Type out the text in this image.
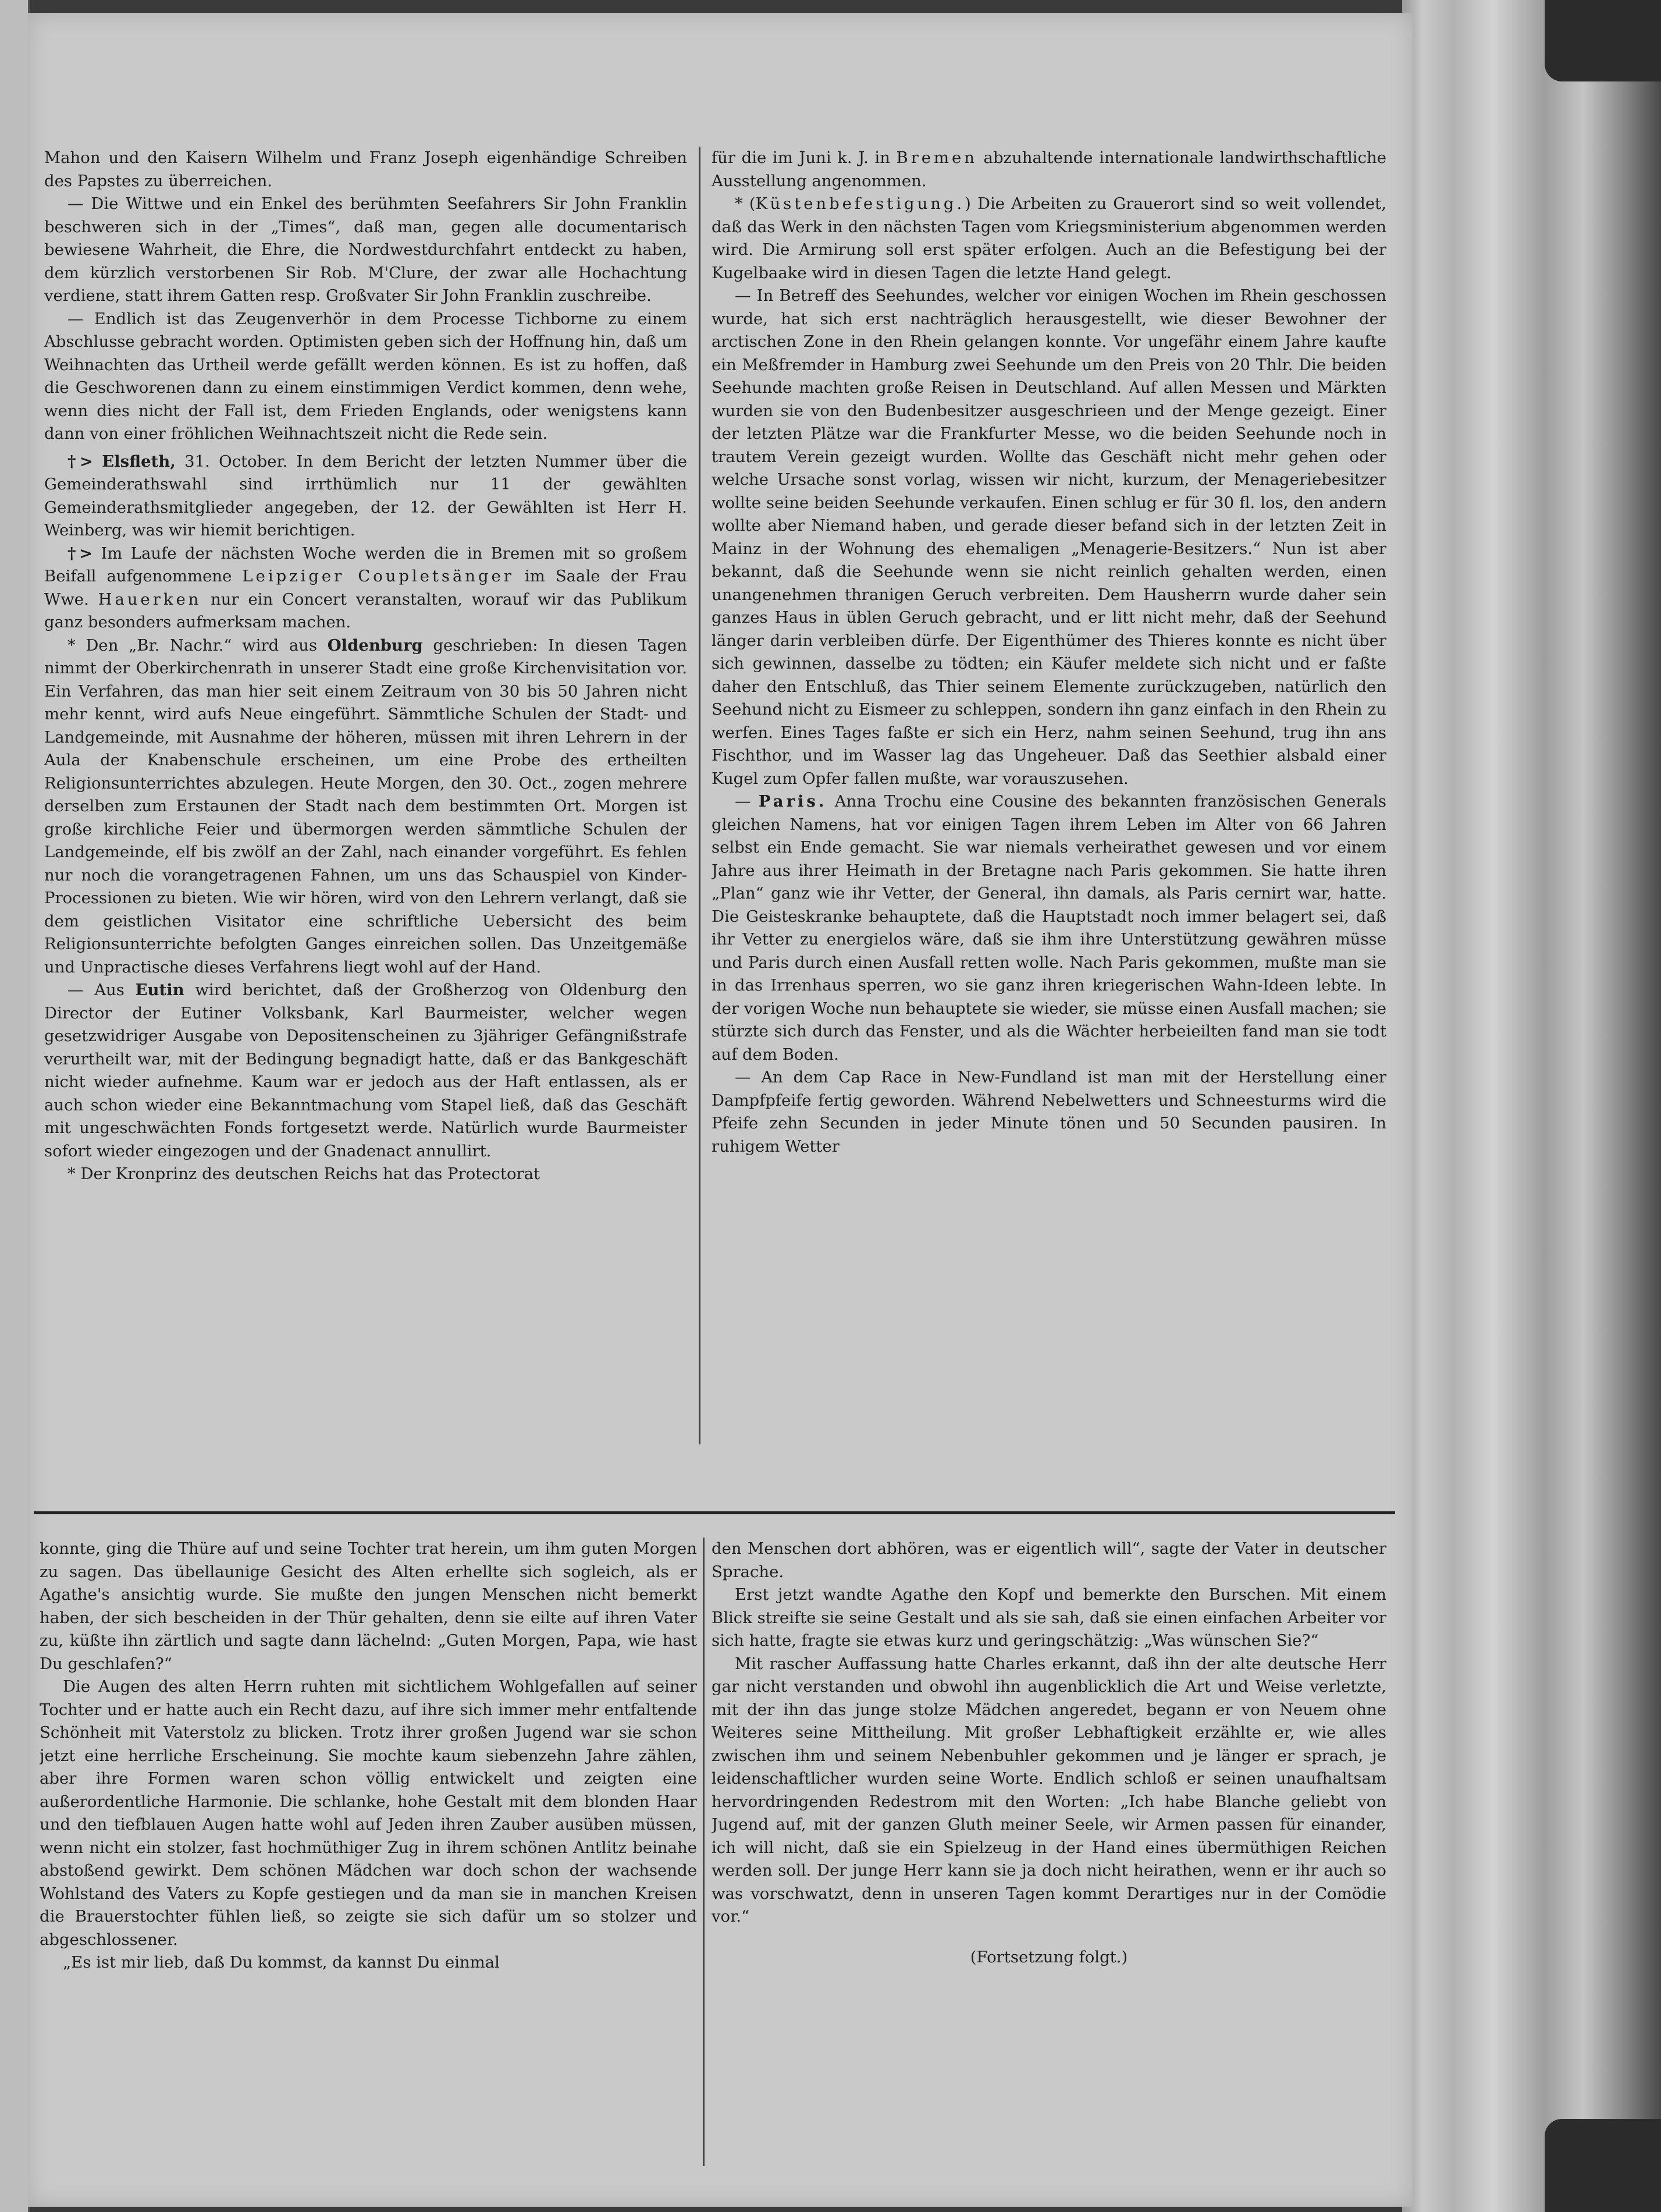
Mahon und den Kaisern Wilhelm und Franz Joseph eigenhändige Schreiben des Papstes zu überreichen.

— Die Wittwe und ein Enkel des berühmten Seefahrers Sir John Franklin beschweren sich in der „Times“, daß man, gegen alle documentarisch bewiesene Wahrheit, die Ehre, die Nordwestdurchfahrt entdeckt zu haben, dem kürzlich verstorbenen Sir Rob. M'Clure, der zwar alle Hochachtung verdiene, statt ihrem Gatten resp. Großvater Sir John Franklin zuschreibe.

— Endlich ist das Zeugenverhör in dem Processe Tichborne zu einem Abschlusse gebracht worden. Optimisten geben sich der Hoffnung hin, daß um Weihnachten das Urtheil werde gefällt werden können. Es ist zu hoffen, daß die Geschworenen dann zu einem einstimmigen Verdict kommen, denn wehe, wenn dies nicht der Fall ist, dem Frieden Englands, oder wenigstens kann dann von einer fröhlichen Weihnachtszeit nicht die Rede sein.

†> Elsfleth, 31. October. In dem Bericht der letzten Nummer über die Gemeinderathswahl sind irrthümlich nur 11 der gewählten Gemeinderathsmitglieder angegeben, der 12. der Gewählten ist Herr H. Weinberg, was wir hiemit berichtigen.

†> Im Laufe der nächsten Woche werden die in Bremen mit so großem Beifall aufgenommene Leipziger Coupletsänger im Saale der Frau Wwe. Hauerken nur ein Concert veranstalten, worauf wir das Publikum ganz besonders aufmerksam machen.

* Den „Br. Nachr.“ wird aus Oldenburg geschrieben: In diesen Tagen nimmt der Oberkirchenrath in unserer Stadt eine große Kirchenvisitation vor. Ein Verfahren, das man hier seit einem Zeitraum von 30 bis 50 Jahren nicht mehr kennt, wird aufs Neue eingeführt. Sämmtliche Schulen der Stadt- und Landgemeinde, mit Ausnahme der höheren, müssen mit ihren Lehrern in der Aula der Knabenschule erscheinen, um eine Probe des ertheilten Religionsunterrichtes abzulegen. Heute Morgen, den 30. Oct., zogen mehrere derselben zum Erstaunen der Stadt nach dem bestimmten Ort. Morgen ist große kirchliche Feier und übermorgen werden sämmtliche Schulen der Landgemeinde, elf bis zwölf an der Zahl, nach einander vorgeführt. Es fehlen nur noch die vorangetragenen Fahnen, um uns das Schauspiel von Kinder-Processionen zu bieten. Wie wir hören, wird von den Lehrern verlangt, daß sie dem geistlichen Visitator eine schriftliche Uebersicht des beim Religionsunterrichte befolgten Ganges einreichen sollen. Das Unzeitgemäße und Unpractische dieses Verfahrens liegt wohl auf der Hand.

— Aus Eutin wird berichtet, daß der Großherzog von Oldenburg den Director der Eutiner Volksbank, Karl Baurmeister, welcher wegen gesetzwidriger Ausgabe von Depositenscheinen zu 3jähriger Gefängnißstrafe verurtheilt war, mit der Bedingung begnadigt hatte, daß er das Bankgeschäft nicht wieder aufnehme. Kaum war er jedoch aus der Haft entlassen, als er auch schon wieder eine Bekanntmachung vom Stapel ließ, daß das Geschäft mit ungeschwächten Fonds fortgesetzt werde. Natürlich wurde Baurmeister sofort wieder eingezogen und der Gnadenact annullirt.

* Der Kronprinz des deutschen Reichs hat das Protectorat

für die im Juni k. J. in Bremen abzuhaltende internationale landwirthschaftliche Ausstellung angenommen.

* (Küstenbefestigung.) Die Arbeiten zu Grauerort sind so weit vollendet, daß das Werk in den nächsten Tagen vom Kriegsministerium abgenommen werden wird. Die Armirung soll erst später erfolgen. Auch an die Befestigung bei der Kugelbaake wird in diesen Tagen die letzte Hand gelegt.

— In Betreff des Seehundes, welcher vor einigen Wochen im Rhein geschossen wurde, hat sich erst nachträglich herausgestellt, wie dieser Bewohner der arctischen Zone in den Rhein gelangen konnte. Vor ungefähr einem Jahre kaufte ein Meßfremder in Hamburg zwei Seehunde um den Preis von 20 Thlr. Die beiden Seehunde machten große Reisen in Deutschland. Auf allen Messen und Märkten wurden sie von den Budenbesitzer ausgeschrieen und der Menge gezeigt. Einer der letzten Plätze war die Frankfurter Messe, wo die beiden Seehunde noch in trautem Verein gezeigt wurden. Wollte das Geschäft nicht mehr gehen oder welche Ursache sonst vorlag, wissen wir nicht, kurzum, der Menageriebesitzer wollte seine beiden Seehunde verkaufen. Einen schlug er für 30 fl. los, den andern wollte aber Niemand haben, und gerade dieser befand sich in der letzten Zeit in Mainz in der Wohnung des ehemaligen „Menagerie-Besitzers.“ Nun ist aber bekannt, daß die Seehunde wenn sie nicht reinlich gehalten werden, einen unangenehmen thranigen Geruch verbreiten. Dem Hausherrn wurde daher sein ganzes Haus in üblen Geruch gebracht, und er litt nicht mehr, daß der Seehund länger darin verbleiben dürfe. Der Eigenthümer des Thieres konnte es nicht über sich gewinnen, dasselbe zu tödten; ein Käufer meldete sich nicht und er faßte daher den Entschluß, das Thier seinem Elemente zurückzugeben, natürlich den Seehund nicht zu Eismeer zu schleppen, sondern ihn ganz einfach in den Rhein zu werfen. Eines Tages faßte er sich ein Herz, nahm seinen Seehund, trug ihn ans Fischthor, und im Wasser lag das Ungeheuer. Daß das Seethier alsbald einer Kugel zum Opfer fallen mußte, war vorauszusehen.

— Paris. Anna Trochu eine Cousine des bekannten französischen Generals gleichen Namens, hat vor einigen Tagen ihrem Leben im Alter von 66 Jahren selbst ein Ende gemacht. Sie war niemals verheirathet gewesen und vor einem Jahre aus ihrer Heimath in der Bretagne nach Paris gekommen. Sie hatte ihren „Plan“ ganz wie ihr Vetter, der General, ihn damals, als Paris cernirt war, hatte. Die Geisteskranke behauptete, daß die Hauptstadt noch immer belagert sei, daß ihr Vetter zu energielos wäre, daß sie ihm ihre Unterstützung gewähren müsse und Paris durch einen Ausfall retten wolle. Nach Paris gekommen, mußte man sie in das Irrenhaus sperren, wo sie ganz ihren kriegerischen Wahn-Ideen lebte. In der vorigen Woche nun behauptete sie wieder, sie müsse einen Ausfall machen; sie stürzte sich durch das Fenster, und als die Wächter herbeieilten fand man sie todt auf dem Boden.

— An dem Cap Race in New-Fundland ist man mit der Herstellung einer Dampfpfeife fertig geworden. Während Nebelwetters und Schneesturms wird die Pfeife zehn Secunden in jeder Minute tönen und 50 Secunden pausiren. In ruhigem Wetter

konnte, ging die Thüre auf und seine Tochter trat herein, um ihm guten Morgen zu sagen. Das übellaunige Gesicht des Alten erhellte sich sogleich, als er Agathe's ansichtig wurde. Sie mußte den jungen Menschen nicht bemerkt haben, der sich bescheiden in der Thür gehalten, denn sie eilte auf ihren Vater zu, küßte ihn zärtlich und sagte dann lächelnd: „Guten Morgen, Papa, wie hast Du geschlafen?“

Die Augen des alten Herrn ruhten mit sichtlichem Wohlgefallen auf seiner Tochter und er hatte auch ein Recht dazu, auf ihre sich immer mehr entfaltende Schönheit mit Vaterstolz zu blicken. Trotz ihrer großen Jugend war sie schon jetzt eine herrliche Erscheinung. Sie mochte kaum siebenzehn Jahre zählen, aber ihre Formen waren schon völlig entwickelt und zeigten eine außerordentliche Harmonie. Die schlanke, hohe Gestalt mit dem blonden Haar und den tiefblauen Augen hatte wohl auf Jeden ihren Zauber ausüben müssen, wenn nicht ein stolzer, fast hochmüthiger Zug in ihrem schönen Antlitz beinahe abstoßend gewirkt. Dem schönen Mädchen war doch schon der wachsende Wohlstand des Vaters zu Kopfe gestiegen und da man sie in manchen Kreisen die Brauerstochter fühlen ließ, so zeigte sie sich dafür um so stolzer und abgeschlossener.

„Es ist mir lieb, daß Du kommst, da kannst Du einmal

den Menschen dort abhören, was er eigentlich will“, sagte der Vater in deutscher Sprache.

Erst jetzt wandte Agathe den Kopf und bemerkte den Burschen. Mit einem Blick streifte sie seine Gestalt und als sie sah, daß sie einen einfachen Arbeiter vor sich hatte, fragte sie etwas kurz und geringschätzig: „Was wünschen Sie?“

Mit rascher Auffassung hatte Charles erkannt, daß ihn der alte deutsche Herr gar nicht verstanden und obwohl ihn augenblicklich die Art und Weise verletzte, mit der ihn das junge stolze Mädchen angeredet, begann er von Neuem ohne Weiteres seine Mittheilung. Mit großer Lebhaftigkeit erzählte er, wie alles zwischen ihm und seinem Nebenbuhler gekommen und je länger er sprach, je leidenschaftlicher wurden seine Worte. Endlich schloß er seinen unaufhaltsam hervordringenden Redestrom mit den Worten: „Ich habe Blanche geliebt von Jugend auf, mit der ganzen Gluth meiner Seele, wir Armen passen für einander, ich will nicht, daß sie ein Spielzeug in der Hand eines übermüthigen Reichen werden soll. Der junge Herr kann sie ja doch nicht heirathen, wenn er ihr auch so was vorschwatzt, denn in unseren Tagen kommt Derartiges nur in der Comödie vor.“

(Fortsetzung folgt.)
